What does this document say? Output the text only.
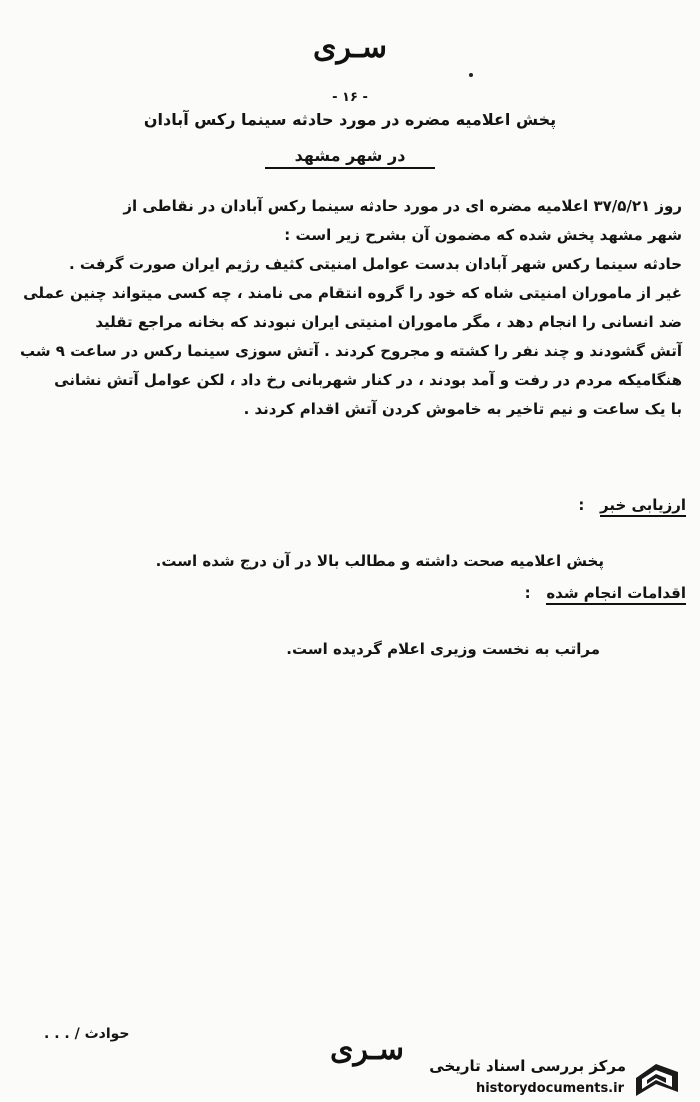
سـری
- ۱۶ -
پخش اعلامیه مضره در مورد حادثه سینما رکس آبادان
در شهر مشهد
روز ۳۷/۵/۲۱ اعلامیه مضره ای در مورد حادثه سینما رکس آبادان در نقاطی از
شهر مشهد پخش شده که مضمون آن بشرح زیر است :
حادثه سینما رکس شهر آبادان بدست عوامل امنیتی کثیف رژیم ایران صورت گرفت .
غیر از ماموران امنیتی شاه که خود را گروه انتقام می نامند ، چه کسی میتواند چنین عملی
ضد انسانی را انجام دهد ، مگر ماموران امنیتی ایران نبودند که بخانه مراجع تقلید
آتش گشودند و چند نفر را کشته و مجروح کردند . آتش سوزی سینما رکس در ساعت ۹ شب
هنگامیکه مردم در رفت و آمد بودند ، در کنار شهربانی رخ داد ، لکن عوامل آتش نشانی
با یک ساعت و نیم تاخیر به خاموش کردن آتش اقدام کردند .
ارزیابی خبر   :
پخش اعلامیه صحت داشته و مطالب بالا در آن درج شده است.
اقدامات انجام شده   :
مراتب به نخست وزیری اعلام گردیده است.
حوادث / . . .	سـری مرکز بررسی اسناد تاریخی
historydocuments.ir
